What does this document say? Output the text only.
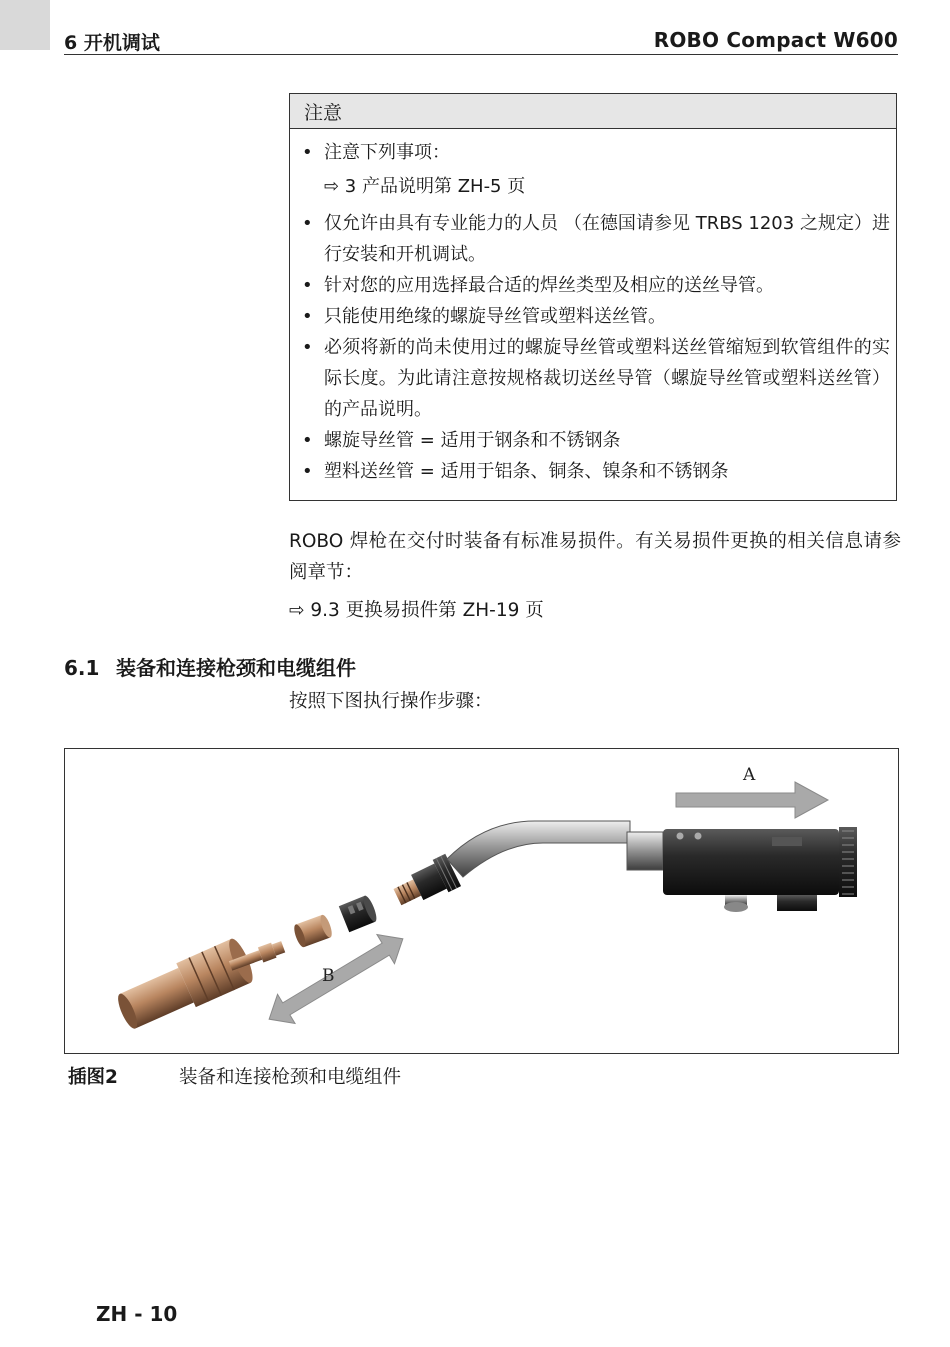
6 开机调试	ROBO Compact W600
注意
• 注意下列事项：
⇨ 3 产品说明第 ZH-5 页
• 仅允许由具有专业能力的人员 （在德国请参见 TRBS 1203 之规定）进行安装和开机调试。
• 针对您的应用选择最合适的焊丝类型及相应的送丝导管。
• 只能使用绝缘的螺旋导丝管或塑料送丝管。
• 必须将新的尚未使用过的螺旋导丝管或塑料送丝管缩短到软管组件的实际长度。为此请注意按规格裁切送丝导管（螺旋导丝管或塑料送丝管）的产品说明。
• 螺旋导丝管 = 适用于钢条和不锈钢条
• 塑料送丝管 = 适用于铝条、铜条、镍条和不锈钢条
ROBO 焊枪在交付时装备有标准易损件。有关易损件更换的相关信息请参阅章节：
⇨ 9.3 更换易损件第 ZH-19 页
6.1 装备和连接枪颈和电缆组件
按照下图执行操作步骤：
A
B
插图2	装备和连接枪颈和电缆组件
ZH - 10
